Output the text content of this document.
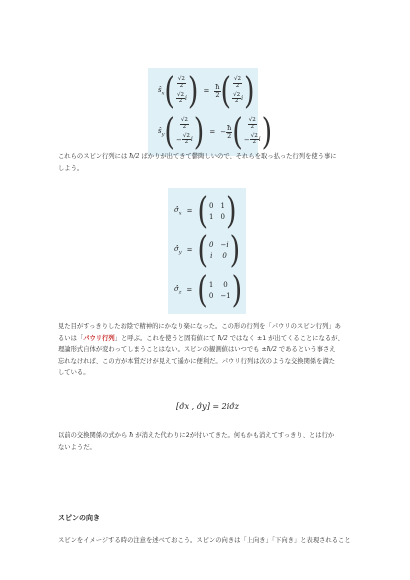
$ŝ_x$ ( $\frac{√2}{2}$
$\frac{√2}{2}$ i ) = $\frac{ħ}{2}$ ( $\frac{√2}{2}$
$\frac{√2}{2}$ i )
$ŝ_y$ ( $\frac{√2}{2}$
− $\frac{√2}{2}$ i ) = − $\frac{ħ}{2}$ ( $\frac{√2}{2}$
− $\frac{√2}{2}$ i )
これらのスピン行列には ħ/2 ばかりが出てきて鬱陶しいので、それらを取っ払った行列を使う事に
しよう。
$\sigmâ_x$ = ( 0 1
1 0 )
$\sigmâ_y$ = ( 0 −i
i 0 )
$\sigmâ_z$ = ( 1	0
0 −1 )
見た目がすっきりしたお陰で精神的にかなり楽になった。この形の行列を「パウリのスピン行列」あ
るいは「パウリ行列」と呼ぶ。これを使うと固有値にて ħ/2 ではなく ±1 が出てくることになるが、
理論形式自体が変わってしまうことはない。スピンの観測値はいつでも ±ħ/2 であるという事さえ
忘れなければ、この方が本質だけが見えて遥かに便利だ。パウリ行列は次のような交換関係を満た
している。
[σ̂x , σ̂y] = 2iσ̂z
以前の交換関係の式から ħ が消えた代わりに2が付いてきた。何もかも消えてすっきり、とは行か
ないようだ。
スピンの向き
スピンをイメージする時の注意を述べておこう。スピンの向きは「上向き」「下向き」と表現されること
